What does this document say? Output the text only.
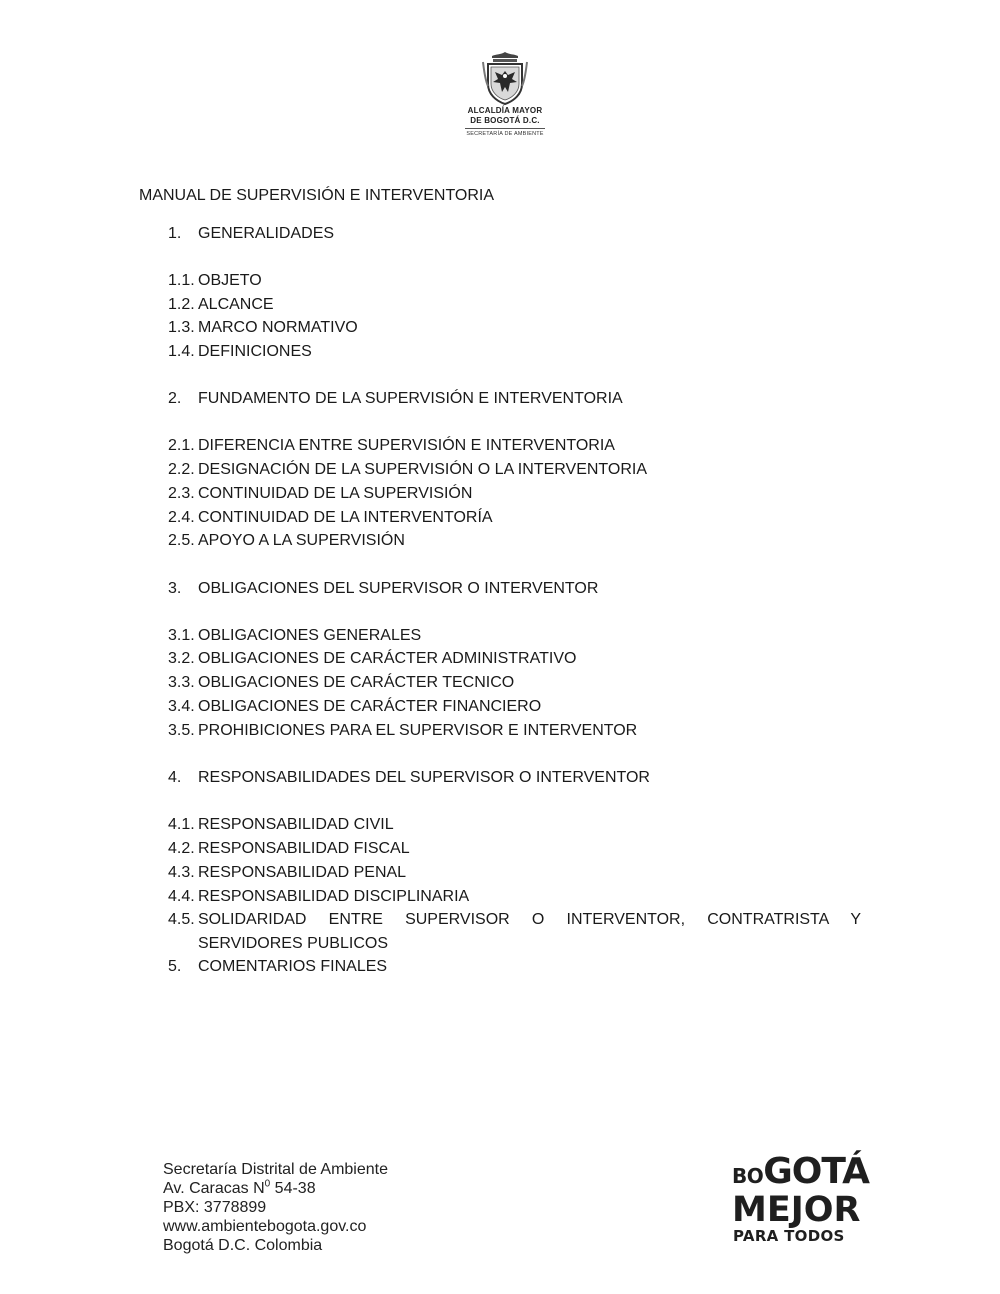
ALCALDÍA MAYOR
DE BOGOTÁ D.C.
SECRETARÍA DE AMBIENTE
MANUAL DE SUPERVISIÓN E INTERVENTORIA
1.	GENERALIDADES
1.1. OBJETO
1.2. ALCANCE
1.3. MARCO NORMATIVO
1.4. DEFINICIONES
2.	FUNDAMENTO DE LA SUPERVISIÓN E INTERVENTORIA
2.1. DIFERENCIA ENTRE SUPERVISIÓN E INTERVENTORIA
2.2. DESIGNACIÓN DE LA SUPERVISIÓN O LA INTERVENTORIA
2.3. CONTINUIDAD DE LA SUPERVISIÓN
2.4. CONTINUIDAD DE LA INTERVENTORÍA
2.5. APOYO A LA SUPERVISIÓN
3.	OBLIGACIONES DEL SUPERVISOR O INTERVENTOR
3.1. OBLIGACIONES GENERALES
3.2. OBLIGACIONES DE CARÁCTER ADMINISTRATIVO
3.3. OBLIGACIONES DE CARÁCTER TECNICO
3.4. OBLIGACIONES DE CARÁCTER FINANCIERO
3.5. PROHIBICIONES PARA EL SUPERVISOR E INTERVENTOR
4.	RESPONSABILIDADES DEL SUPERVISOR O INTERVENTOR
4.1. RESPONSABILIDAD CIVIL
4.2. RESPONSABILIDAD FISCAL
4.3. RESPONSABILIDAD PENAL
4.4. RESPONSABILIDAD DISCIPLINARIA
4.5. SOLIDARIDAD ENTRE SUPERVISOR O INTERVENTOR, CONTRATRISTA Y SERVIDORES PUBLICOS
5.	COMENTARIOS FINALES
Secretaría Distrital de Ambiente
Av. Caracas $N^0$ 54-38
PBX: 3778899
www.ambientebogota.gov.co
Bogotá D.C. Colombia
BOGOTÁ
MEJOR
PARA TODOS
